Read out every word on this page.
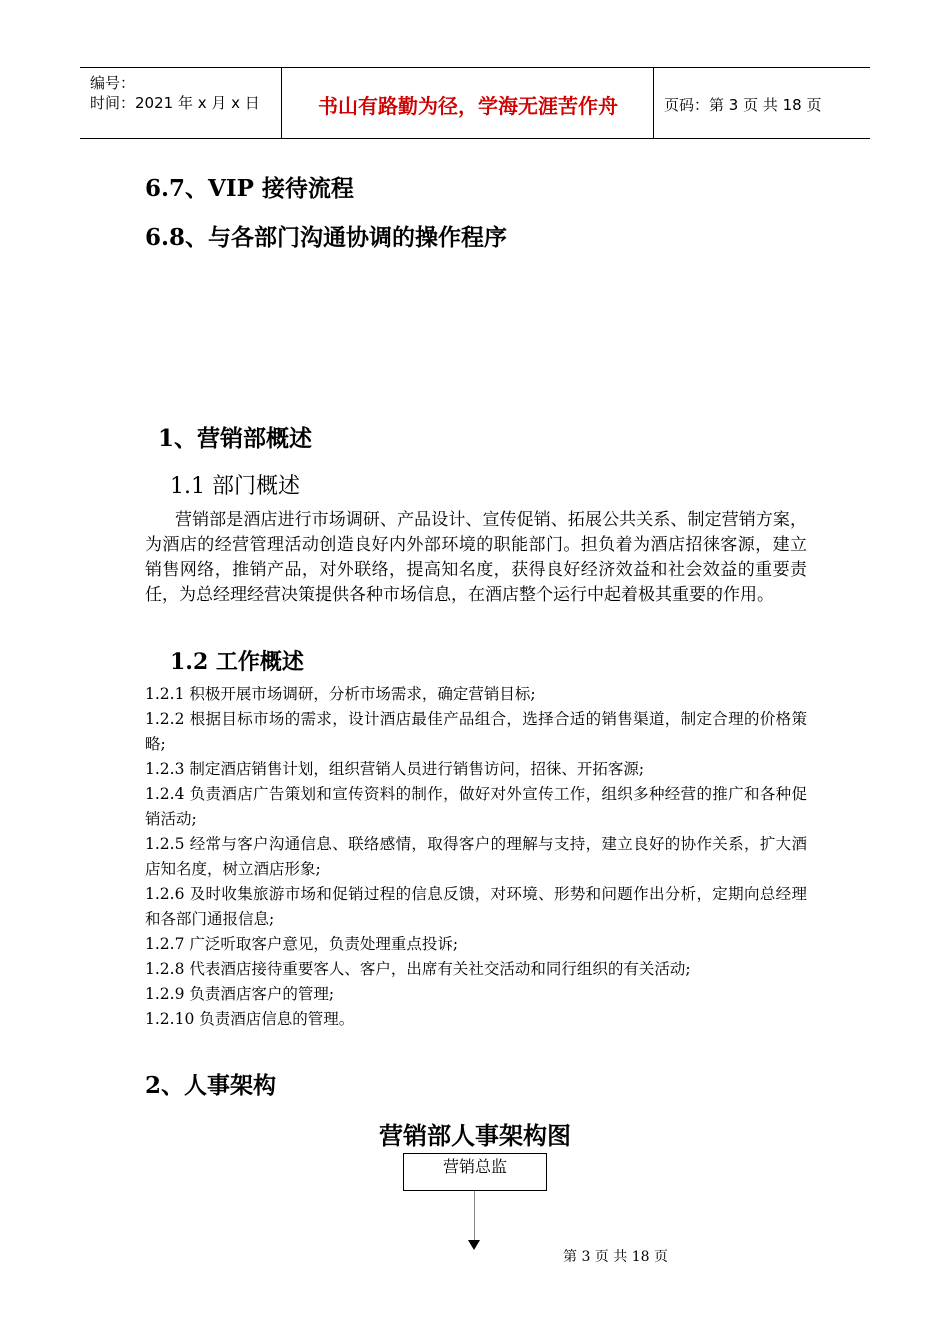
编号：
时间：2021 年 x 月 x 日	书山有路勤为径，学海无涯苦作舟	页码：第 3 页 共 18 页
6.7、VIP 接待流程
6.8、与各部门沟通协调的操作程序
1、营销部概述
1.1 部门概述
营销部是酒店进行市场调研、产品设计、宣传促销、拓展公共关系、制定营销方案，为酒店的经营管理活动创造良好内外部环境的职能部门。担负着为酒店招徕客源，建立销售网络，推销产品，对外联络，提高知名度，获得良好经济效益和社会效益的重要责任，为总经理经营决策提供各种市场信息，在酒店整个运行中起着极其重要的作用。
1.2 工作概述
1.2.1 积极开展市场调研，分析市场需求，确定营销目标;
1.2.2 根据目标市场的需求，设计酒店最佳产品组合，选择合适的销售渠道，制定合理的价格策略;
1.2.3 制定酒店销售计划，组织营销人员进行销售访问，招徕、开拓客源;
1.2.4 负责酒店广告策划和宣传资料的制作，做好对外宣传工作，组织多种经营的推广和各种促销活动;
1.2.5 经常与客户沟通信息、联络感情，取得客户的理解与支持，建立良好的协作关系，扩大酒店知名度，树立酒店形象;
1.2.6 及时收集旅游市场和促销过程的信息反馈，对环境、形势和问题作出分析，定期向总经理和各部门通报信息;
1.2.7 广泛听取客户意见，负责处理重点投诉;
1.2.8 代表酒店接待重要客人、客户，出席有关社交活动和同行组织的有关活动;
1.2.9 负责酒店客户的管理;
1.2.10 负责酒店信息的管理。
2、人事架构
营销部人事架构图
营销总监
第 3 页 共 18 页
